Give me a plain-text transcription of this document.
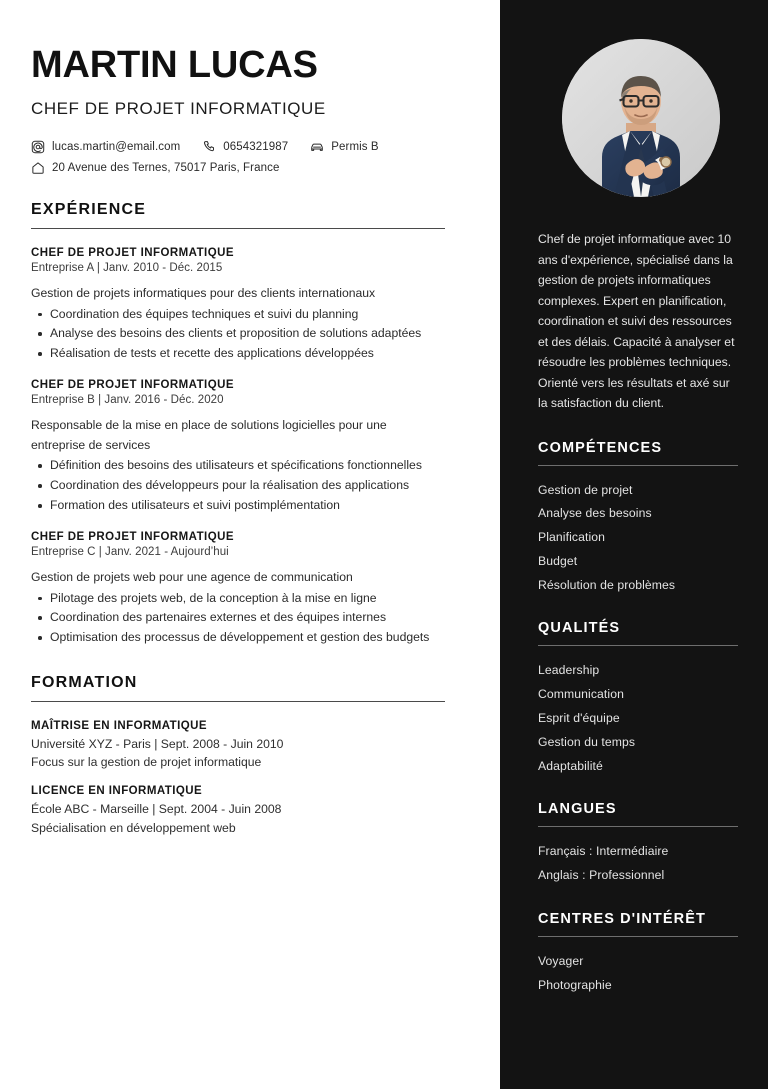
MARTIN LUCAS
CHEF DE PROJET INFORMATIQUE
lucas.martin@email.com	0654321987	Permis B
20 Avenue des Ternes, 75017 Paris, France
EXPÉRIENCE
CHEF DE PROJET INFORMATIQUE
Entreprise A | Janv. 2010 - Déc. 2015
Gestion de projets informatiques pour des clients internationaux
Coordination des équipes techniques et suivi du planning
Analyse des besoins des clients et proposition de solutions adaptées
Réalisation de tests et recette des applications développées
CHEF DE PROJET INFORMATIQUE
Entreprise B | Janv. 2016 - Déc. 2020
Responsable de la mise en place de solutions logicielles pour une entreprise de services
Définition des besoins des utilisateurs et spécifications fonctionnelles
Coordination des développeurs pour la réalisation des applications
Formation des utilisateurs et suivi postimplémentation
CHEF DE PROJET INFORMATIQUE
Entreprise C | Janv. 2021 - Aujourd’hui
Gestion de projets web pour une agence de communication
Pilotage des projets web, de la conception à la mise en ligne
Coordination des partenaires externes et des équipes internes
Optimisation des processus de développement et gestion des budgets
FORMATION
MAÎTRISE EN INFORMATIQUE
Université XYZ - Paris | Sept. 2008 - Juin 2010
Focus sur la gestion de projet informatique
LICENCE EN INFORMATIQUE
École ABC - Marseille | Sept. 2004 - Juin 2008
Spécialisation en développement web
Chef de projet informatique avec 10 ans d'expérience, spécialisé dans la gestion de projets informatiques complexes. Expert en planification, coordination et suivi des ressources et des délais. Capacité à analyser et résoudre les problèmes techniques. Orienté vers les résultats et axé sur la satisfaction du client.
COMPÉTENCES
Gestion de projet
Analyse des besoins
Planification
Budget
Résolution de problèmes
QUALITÉS
Leadership
Communication
Esprit d'équipe
Gestion du temps
Adaptabilité
LANGUES
Français : Intermédiaire
Anglais : Professionnel
CENTRES D'INTÉRÊT
Voyager
Photographie
